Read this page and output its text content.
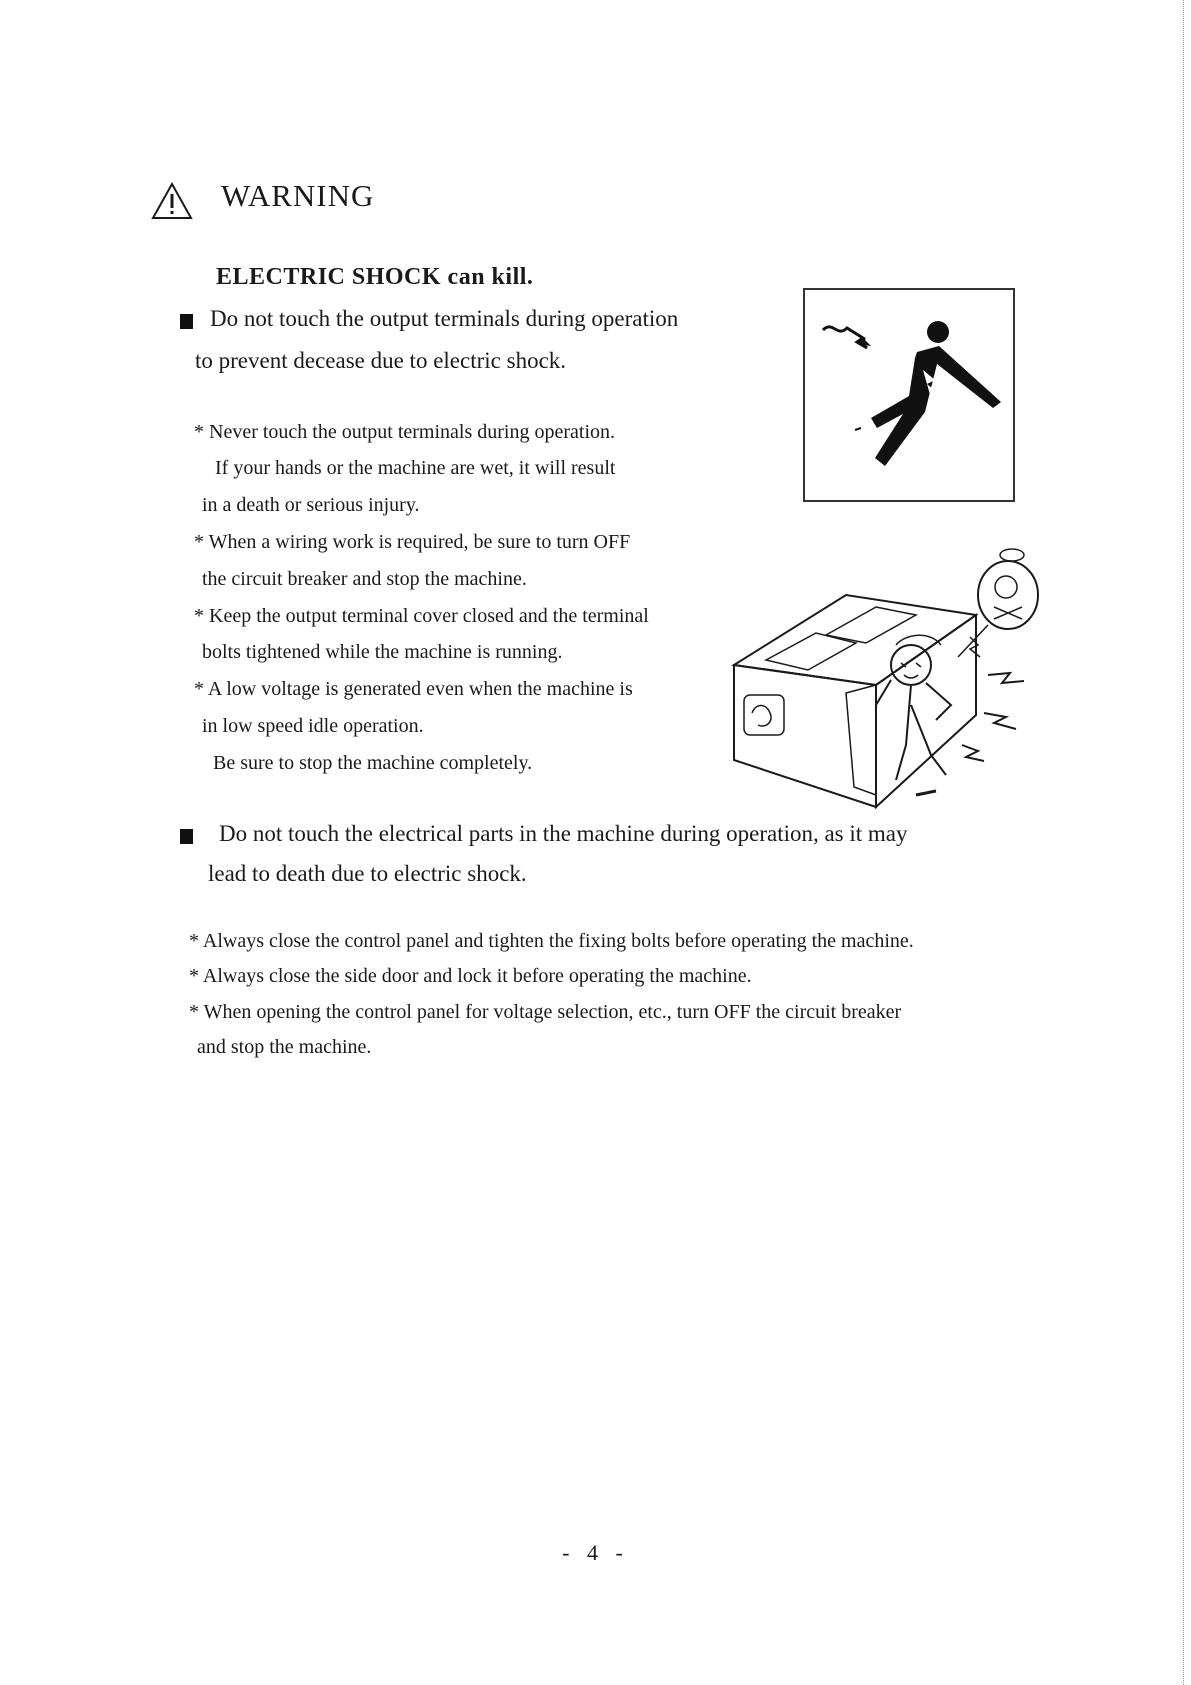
WARNING
ELECTRIC SHOCK can kill.
Do not touch the output terminals during operation
to prevent decease due to electric shock.
* Never touch the output terminals during operation.
If your hands or the machine are wet, it will result
in a death or serious injury.
* When a wiring work is required, be sure to turn OFF
the circuit breaker and stop the machine.
* Keep the output terminal cover closed and the terminal
bolts tightened while the machine is running.
* A low voltage is generated even when the machine is
in low speed idle operation.
Be sure to stop the machine completely.
Do not touch the electrical parts in the machine during operation, as it may
lead to death due to electric shock.
* Always close the control panel and tighten the fixing bolts before operating the machine.
* Always close the side door and lock it before operating the machine.
* When opening the control panel for voltage selection, etc., turn OFF the circuit breaker
and stop the machine.
- 4 -
